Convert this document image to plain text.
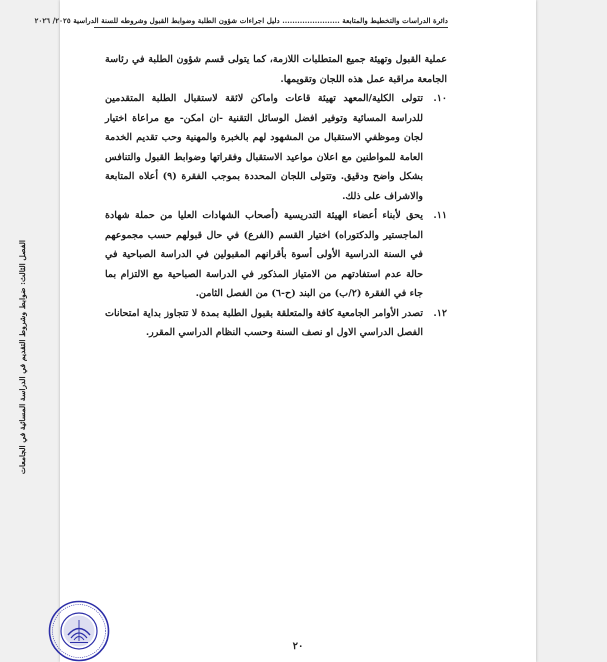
دائرة الدراسات والتخطيط والمتابعة ....................... دليل اجراءات شؤون الطلبة وضوابط القبول وشروطه للسنة الدراسية ٢٠٢٥/ ٢٠٢٦

عملية القبول وتهيئة جميع المتطلبات اللازمة، كما يتولى قسم شؤون الطلبة في رئاسة الجامعة مراقبة عمل هذه اللجان وتقويمها.

١٠.
تتولى الكلية/المعهد تهيئة قاعات واماكن لائقة لاستقبال الطلبة المتقدمين للدراسة المسائية وتوفير افضل الوسائل التقنية -ان امكن- مع مراعاة اختيار لجان وموظفي الاستقبال من المشهود لهم بالخبرة والمهنية وحب تقديم الخدمة العامة للمواطنين مع اعلان مواعيد الاستقبال وفقراتها وضوابط القبول والتنافس بشكل واضح ودقيق. وتتولى اللجان المحددة بموجب الفقرة (٩) أعلاه المتابعة والاشراف على ذلك.
١١.
يحق لأبناء أعضاء الهيئة التدريسية (أصحاب الشهادات العليا من حملة شهادة الماجستير والدكتوراه) اختيار القسم (الفرع) في حال قبولهم حسب مجموعهم في السنة الدراسية الأولى أسوة بأقرانهم المقبولين في الدراسة الصباحية في حالة عدم استفادتهم من الامتياز المذكور في الدراسة الصباحية مع الالتزام بما جاء في الفقرة (٢/ب) من البند (ح-٦) من الفصل الثامن.
١٢.
تصدر الأوامر الجامعية كافة والمتعلقة بقبول الطلبة بمدة لا تتجاوز بداية امتحانات الفصل الدراسي الاول او نصف السنة وحسب النظام الدراسي المقرر.
٢٠
الفصل الثالث: ضوابط وشروط التقديم في الدراسة المسائية في الجامعات
